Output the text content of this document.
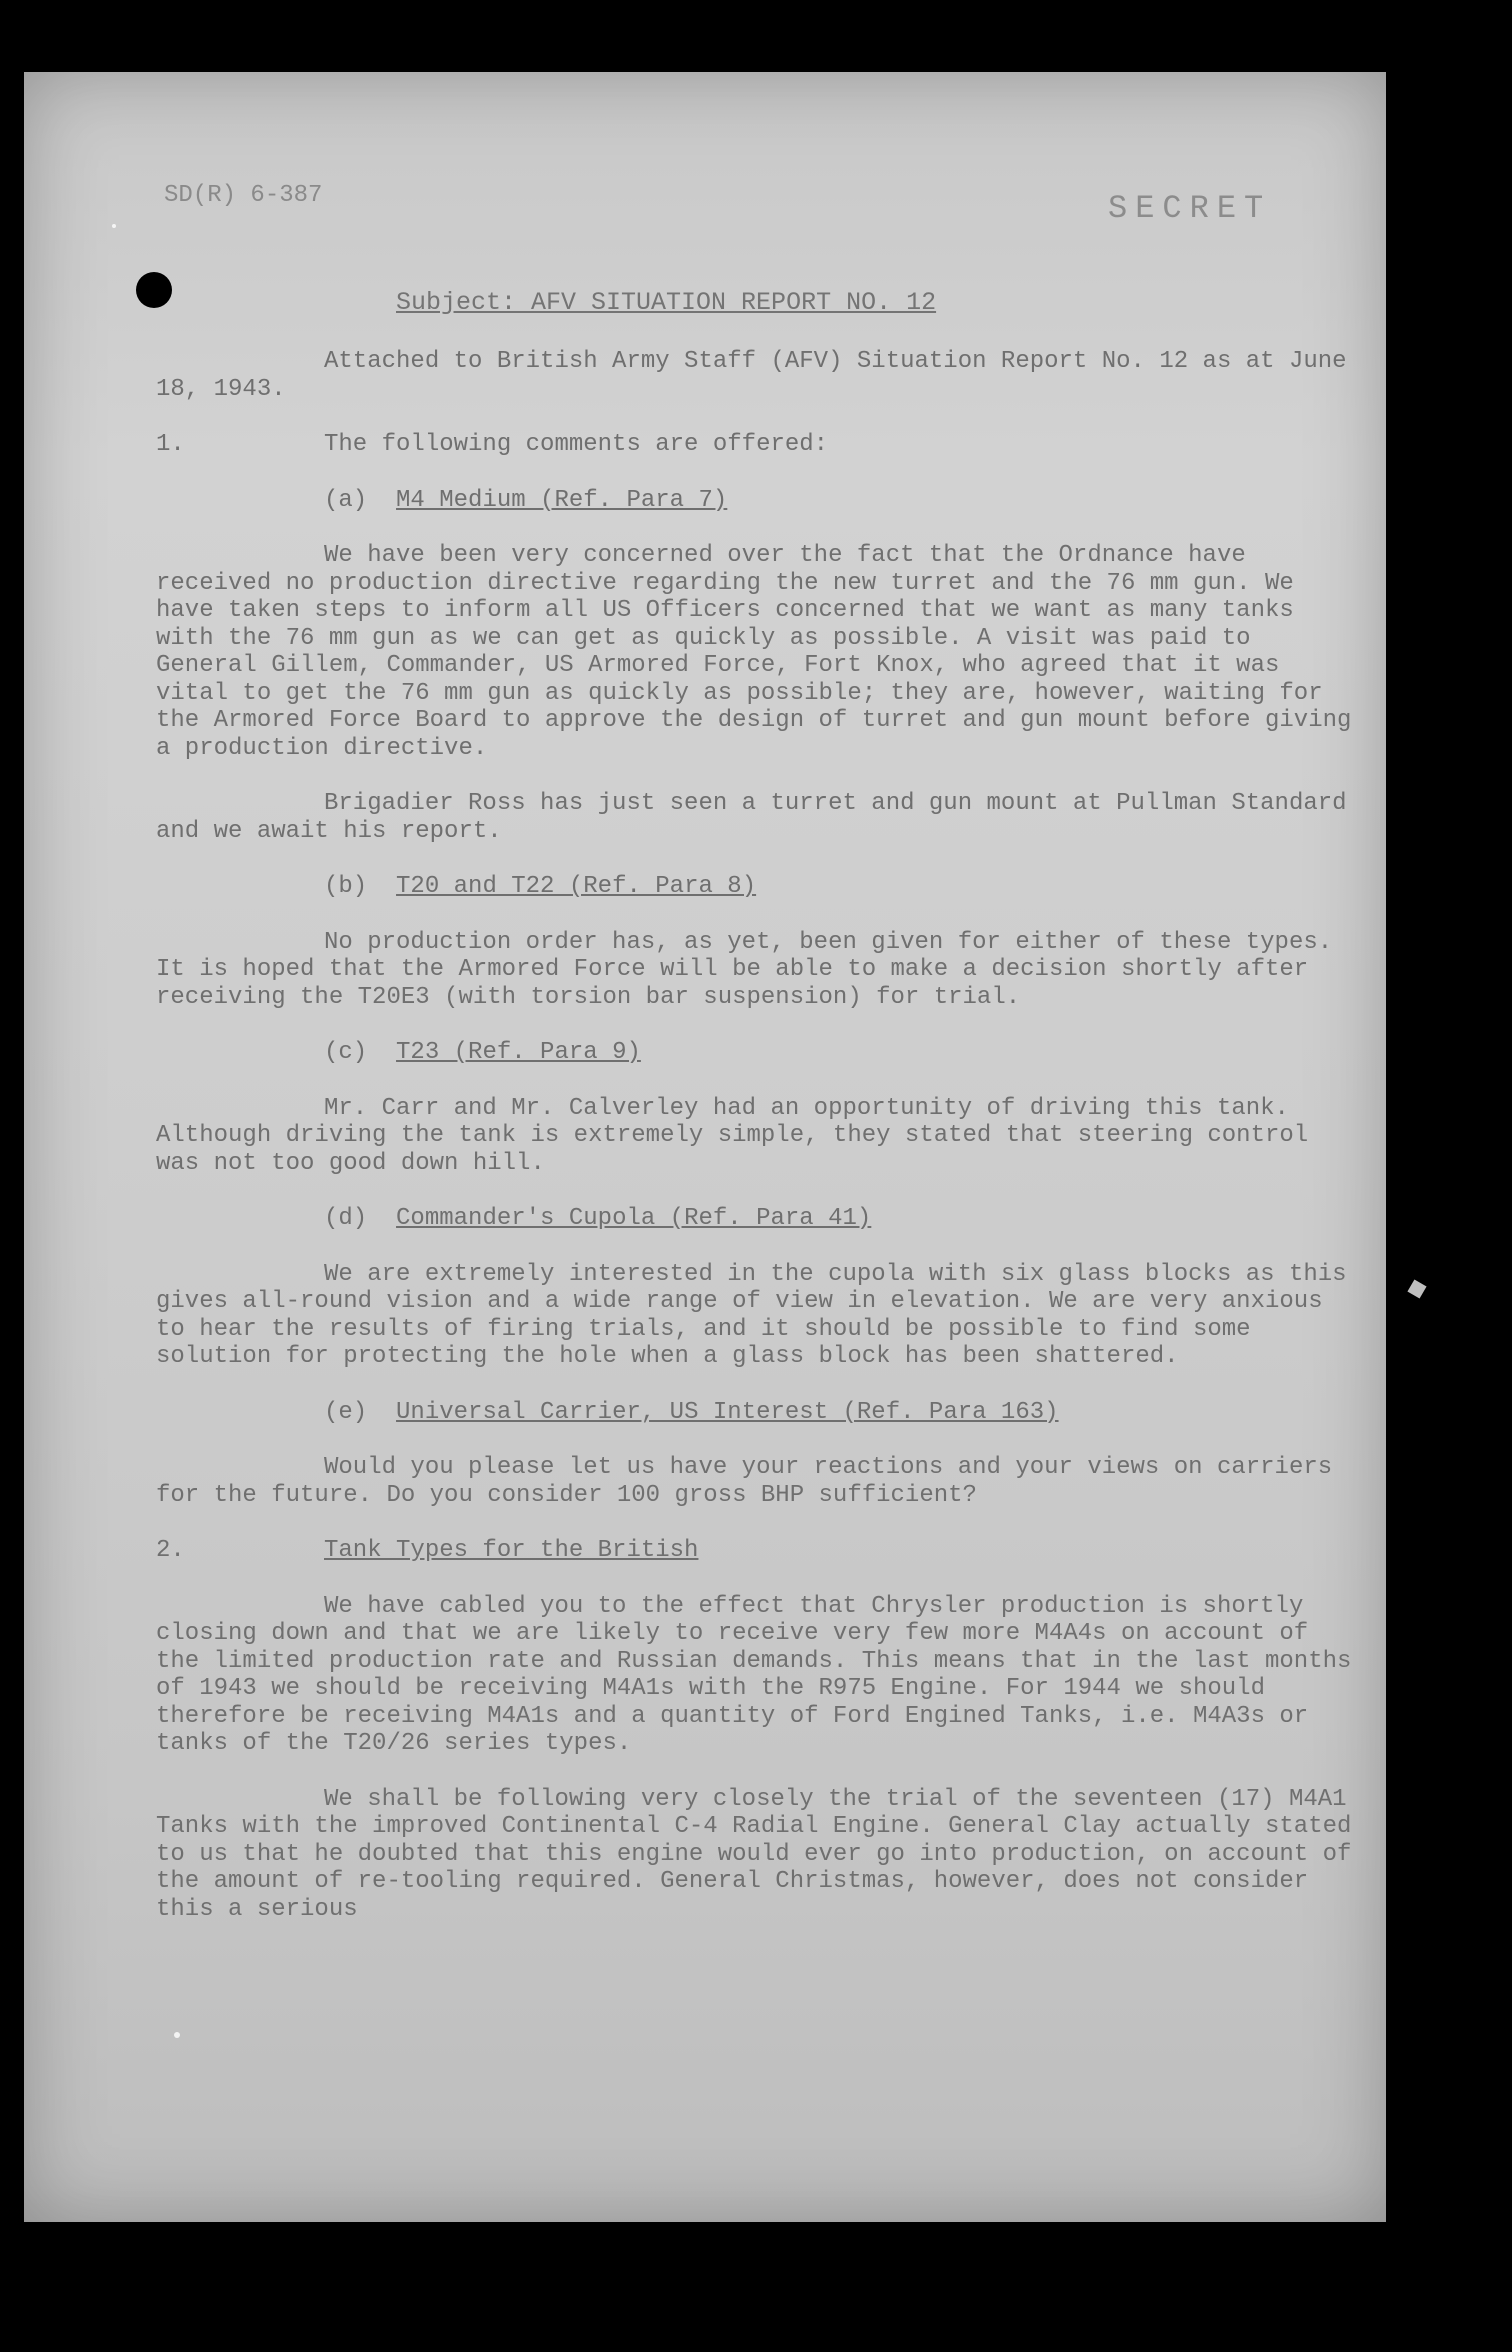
SD(R) 6-387	SECRET
Subject: AFV SITUATION REPORT NO. 12

Attached to British Army Staff (AFV) Situation Report No. 12 as at June 18, 1943.

1.	The following comments are offered:

(a) M4 Medium (Ref. Para 7)

We have been very concerned over the fact that the Ordnance have received no production directive regarding the new turret and the 76 mm gun. We have taken steps to inform all US Officers concerned that we want as many tanks with the 76 mm gun as we can get as quickly as possible. A visit was paid to General Gillem, Commander, US Armored Force, Fort Knox, who agreed that it was vital to get the 76 mm gun as quickly as possible; they are, however, waiting for the Armored Force Board to approve the design of turret and gun mount before giving a production directive.

Brigadier Ross has just seen a turret and gun mount at Pullman Standard and we await his report.

(b) T20 and T22 (Ref. Para 8)

No production order has, as yet, been given for either of these types. It is hoped that the Armored Force will be able to make a decision shortly after receiving the T20E3 (with torsion bar suspension) for trial.

(c) T23 (Ref. Para 9)

Mr. Carr and Mr. Calverley had an opportunity of driving this tank. Although driving the tank is extremely simple, they stated that steering control was not too good down hill.

(d) Commander's Cupola (Ref. Para 41)

We are extremely interested in the cupola with six glass blocks as this gives all-round vision and a wide range of view in elevation. We are very anxious to hear the results of firing trials, and it should be possible to find some solution for protecting the hole when a glass block has been shattered.

(e) Universal Carrier, US Interest (Ref. Para 163)

Would you please let us have your reactions and your views on carriers for the future. Do you consider 100 gross BHP sufficient?

2.	Tank Types for the British

We have cabled you to the effect that Chrysler production is shortly closing down and that we are likely to receive very few more M4A4s on account of the limited production rate and Russian demands. This means that in the last months of 1943 we should be receiving M4A1s with the R975 Engine. For 1944 we should therefore be receiving M4A1s and a quantity of Ford Engined Tanks, i.e. M4A3s or tanks of the T20/26 series types.

We shall be following very closely the trial of the seventeen (17) M4A1 Tanks with the improved Continental C-4 Radial Engine. General Clay actually stated to us that he doubted that this engine would ever go into production, on account of the amount of re-tooling required. General Christmas, however, does not consider this a serious
